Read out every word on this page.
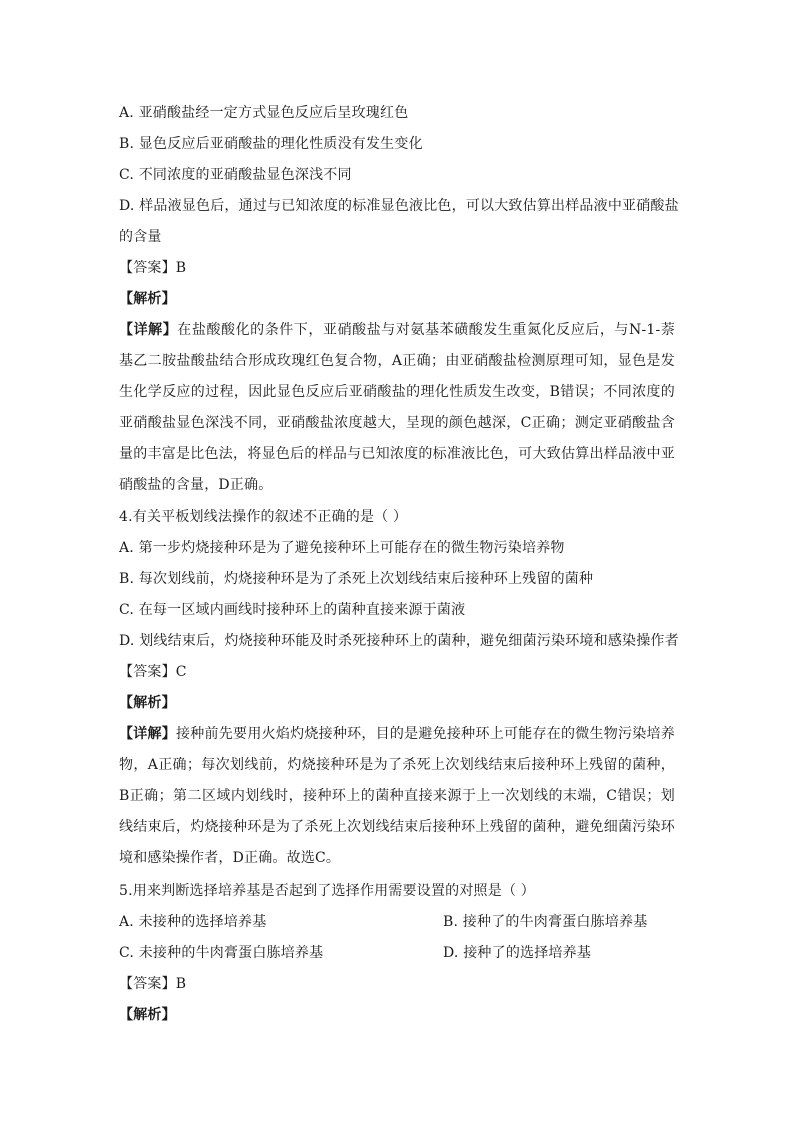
A. 亚硝酸盐经一定方式显色反应后呈玫瑰红色
B. 显色反应后亚硝酸盐的理化性质没有发生变化
C. 不同浓度的亚硝酸盐显色深浅不同
D. 样品液显色后，通过与已知浓度的标准显色液比色，可以大致估算出样品液中亚硝酸盐
的含量
【答案】B
【解析】
【详解】在盐酸酸化的条件下，亚硝酸盐与对氨基苯磺酸发生重氮化反应后，与N-1-萘基乙二胺盐酸盐结合形成玫瑰红色复合物，A正确；由亚硝酸盐检测原理可知，显色是发生化学反应的过程，因此显色反应后亚硝酸盐的理化性质发生改变，B错误；不同浓度的亚硝酸盐显色深浅不同，亚硝酸盐浓度越大，呈现的颜色越深，C正确；测定亚硝酸盐含量的丰富是比色法，将显色后的样品与已知浓度的标准液比色，可大致估算出样品液中亚硝酸盐的含量，D正确。
4.有关平板划线法操作的叙述不正确的是（ ）
A. 第一步灼烧接种环是为了避免接种环上可能存在的微生物污染培养物
B. 每次划线前，灼烧接种环是为了杀死上次划线结束后接种环上残留的菌种
C. 在每一区域内画线时接种环上的菌种直接来源于菌液
D. 划线结束后，灼烧接种环能及时杀死接种环上的菌种，避免细菌污染环境和感染操作者
【答案】C
【解析】
【详解】接种前先要用火焰灼烧接种环，目的是避免接种环上可能存在的微生物污染培养物，A正确；每次划线前，灼烧接种环是为了杀死上次划线结束后接种环上残留的菌种，B正确；第二区域内划线时，接种环上的菌种直接来源于上一次划线的末端，C错误；划线结束后，灼烧接种环是为了杀死上次划线结束后接种环上残留的菌种，避免细菌污染环境和感染操作者，D正确。故选C。
5.用来判断选择培养基是否起到了选择作用需要设置的对照是（ ）
A. 未接种的选择培养基	B. 接种了的牛肉膏蛋白胨培养基
C. 未接种的牛肉膏蛋白胨培养基	D. 接种了的选择培养基
【答案】B
【解析】
